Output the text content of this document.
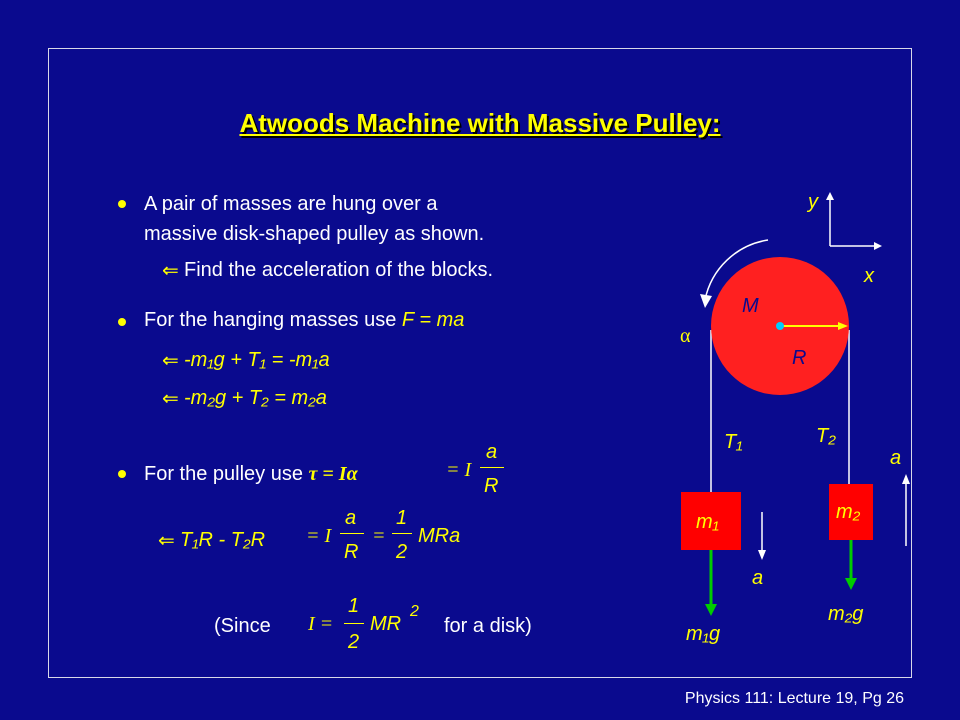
Atwoods Machine with Massive Pulley:
A pair of masses are hung over a
massive disk-shaped pulley as shown.
⇐ Find the acceleration of the blocks.
For the hanging masses use F = ma
⇐ -m₁g + T₁ = -m₁a
⇐ -m₂g + T₂ = m₂a
For the pulley use τ = Iα	= I
a
R
⇐ T₁R - T₂R = I
a
R
=
1
2
MRa
(Since I =
1
2
MR
2
for a disk)
y
x
α
M
R
T₁	T₂
m₁	m₂
a
a
m₁g
m₂g
Physics 111: Lecture 19, Pg 26
